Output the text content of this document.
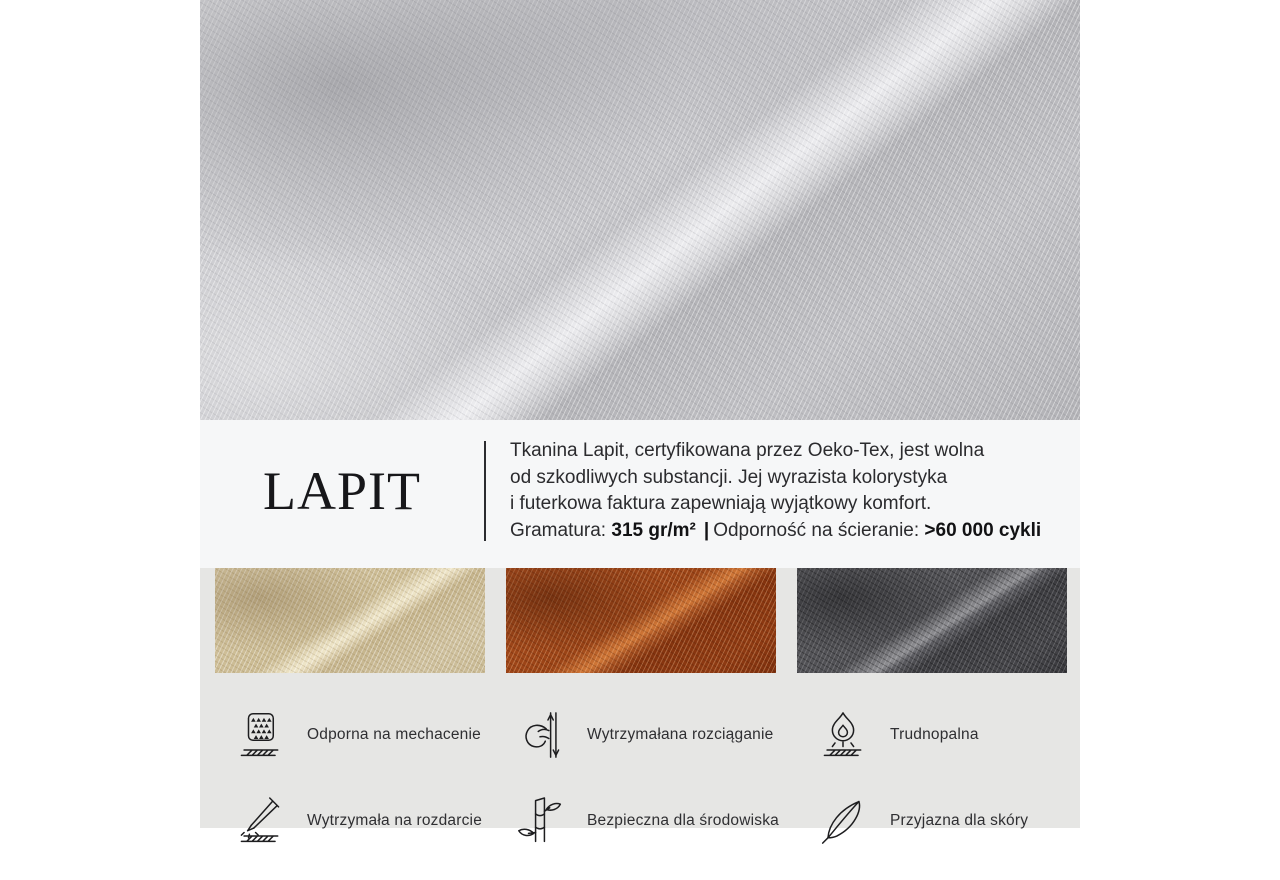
LAPIT
Tkanina Lapit, certyfikowana przez Oeko-Tex, jest wolna
od szkodliwych substancji. Jej wyrazista kolorystyka
i futerkowa faktura zapewniają wyjątkowy komfort.
Gramatura: 315 gr/m² | Odporność na ścieranie: >60 000 cykli
Odporna na mechacenie	Wytrzymałana rozciąganie	Trudnopalna
Wytrzymała na rozdarcie	Bezpieczna dla środowiska	Przyjazna dla skóry
